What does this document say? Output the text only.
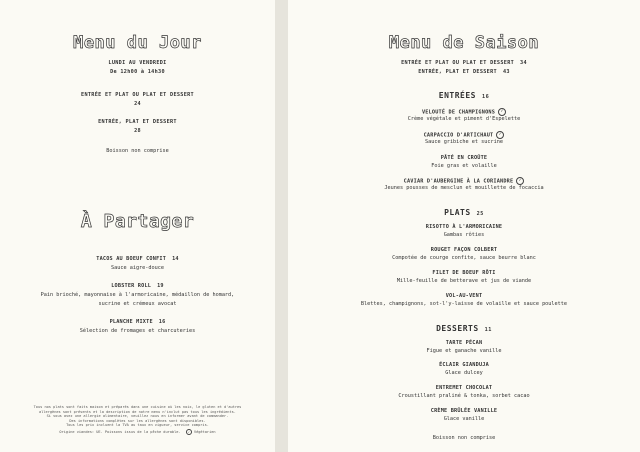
Menu du Jour
LUNDI AU VENDREDI
De 12h00 à 14h30
ENTRÉE ET PLAT OU PLAT ET DESSERT
24
ENTRÉE, PLAT ET DESSERT
28
Boisson non comprise
À Partager
TACOS AU BOEUF CONFIT 14
Sauce aigre-douce
LOBSTER ROLL 19
Pain brioché, mayonnaise à l'armoricaine, médaillon de homard,
sucrine et crémeux avocat
PLANCHE MIXTE 16
Sélection de fromages et charcuteries
Tous nos plats sont faits maison et préparés dans une cuisine où les noix, le gluten et d'autres
allergènes sont présents et la description de notre menu n'inclut pas tous les ingrédients.
Si vous avez une allergie alimentaire, veuillez nous en informer avant de commander.
Des informations complètes sur les allergènes sont disponibles.
Tous les prix incluent la TVA au taux en vigueur, service compris.
Origine viandes: UE. Poissons issus de la pêche durable. ✓ Végétarien
Menu de Saison
ENTRÉE ET PLAT OU PLAT ET DESSERT 34
ENTRÉE, PLAT ET DESSERT 43
ENTRÉES 16
VELOUTÉ DE CHAMPIGNONS ✓
Crème végétale et piment d'Espelette
CARPACCIO D'ARTICHAUT ✓
Sauce gribiche et sucrine
PÂTÉ EN CROÛTE
Foie gras et volaille
CAVIAR D'AUBERGINE À LA CORIANDRE ✓
Jeunes pousses de mesclun et mouillette de focaccia
PLATS 25
RISOTTO À L'ARMORICAINE
Gambas rôties
ROUGET FAÇON COLBERT
Compotée de courge confite, sauce beurre blanc
FILET DE BOEUF RÔTI
Mille-feuille de betterave et jus de viande
VOL-AU-VENT
Blettes, champignons, sot-l'y-laisse de volaille et sauce poulette
DESSERTS 11
TARTE PÉCAN
Figue et ganache vanille
ÉCLAIR GIANDUJA
Glace dulcey
ENTREMET CHOCOLAT
Croustillant praliné & tonka, sorbet cacao
CRÈME BRÛLÉE VANILLE
Glace vanille
Boisson non comprise
